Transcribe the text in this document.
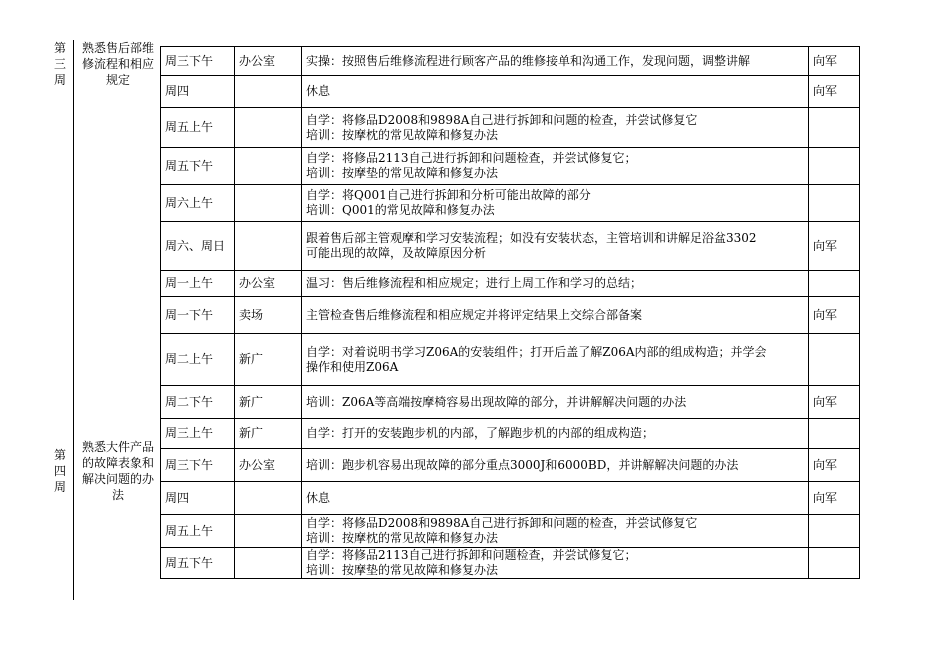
第
三
周
熟悉售后部维
修流程和相应
规定
第
四
周
熟悉大件产品
的故障表象和
解决问题的办
法
周三下午	办公室	实操：按照售后维修流程进行顾客产品的维修接单和沟通工作，发现问题，调整讲解	向军
周四		休息	向军
周五上午		自学：将修品D2008和9898A自己进行拆卸和问题的检查，并尝试修复它
培训：按摩枕的常见故障和修复办法	

周五下午		自学：将修品2113自己进行拆卸和问题检查，并尝试修复它；
培训：按摩垫的常见故障和修复办法	

周六上午		自学：将Q001自己进行拆卸和分析可能出故障的部分
培训：Q001的常见故障和修复办法	

周六、周日		跟着售后部主管观摩和学习安装流程；如没有安装状态，主管培训和讲解足浴盆3302
可能出现的故障，及故障原因分析	向军
周一上午	办公室	温习：售后维修流程和相应规定；进行上周工作和学习的总结；	

周一下午	卖场	主管检查售后维修流程和相应规定并将评定结果上交综合部备案	向军
周二上午	新广	自学：对着说明书学习Z06A的安装组件；打开后盖了解Z06A内部的组成构造；并学会
操作和使用Z06A	

周二下午	新广	培训：Z06A等高端按摩椅容易出现故障的部分，并讲解解决问题的办法	向军
周三上午	新广	自学：打开的安装跑步机的内部，了解跑步机的内部的组成构造；	

周三下午	办公室	培训：跑步机容易出现故障的部分重点3000J和6000BD，并讲解解决问题的办法	向军
周四		休息	向军
周五上午		自学：将修品D2008和9898A自己进行拆卸和问题的检查，并尝试修复它
培训：按摩枕的常见故障和修复办法	

周五下午		自学：将修品2113自己进行拆卸和问题检查，并尝试修复它；
培训：按摩垫的常见故障和修复办法	
